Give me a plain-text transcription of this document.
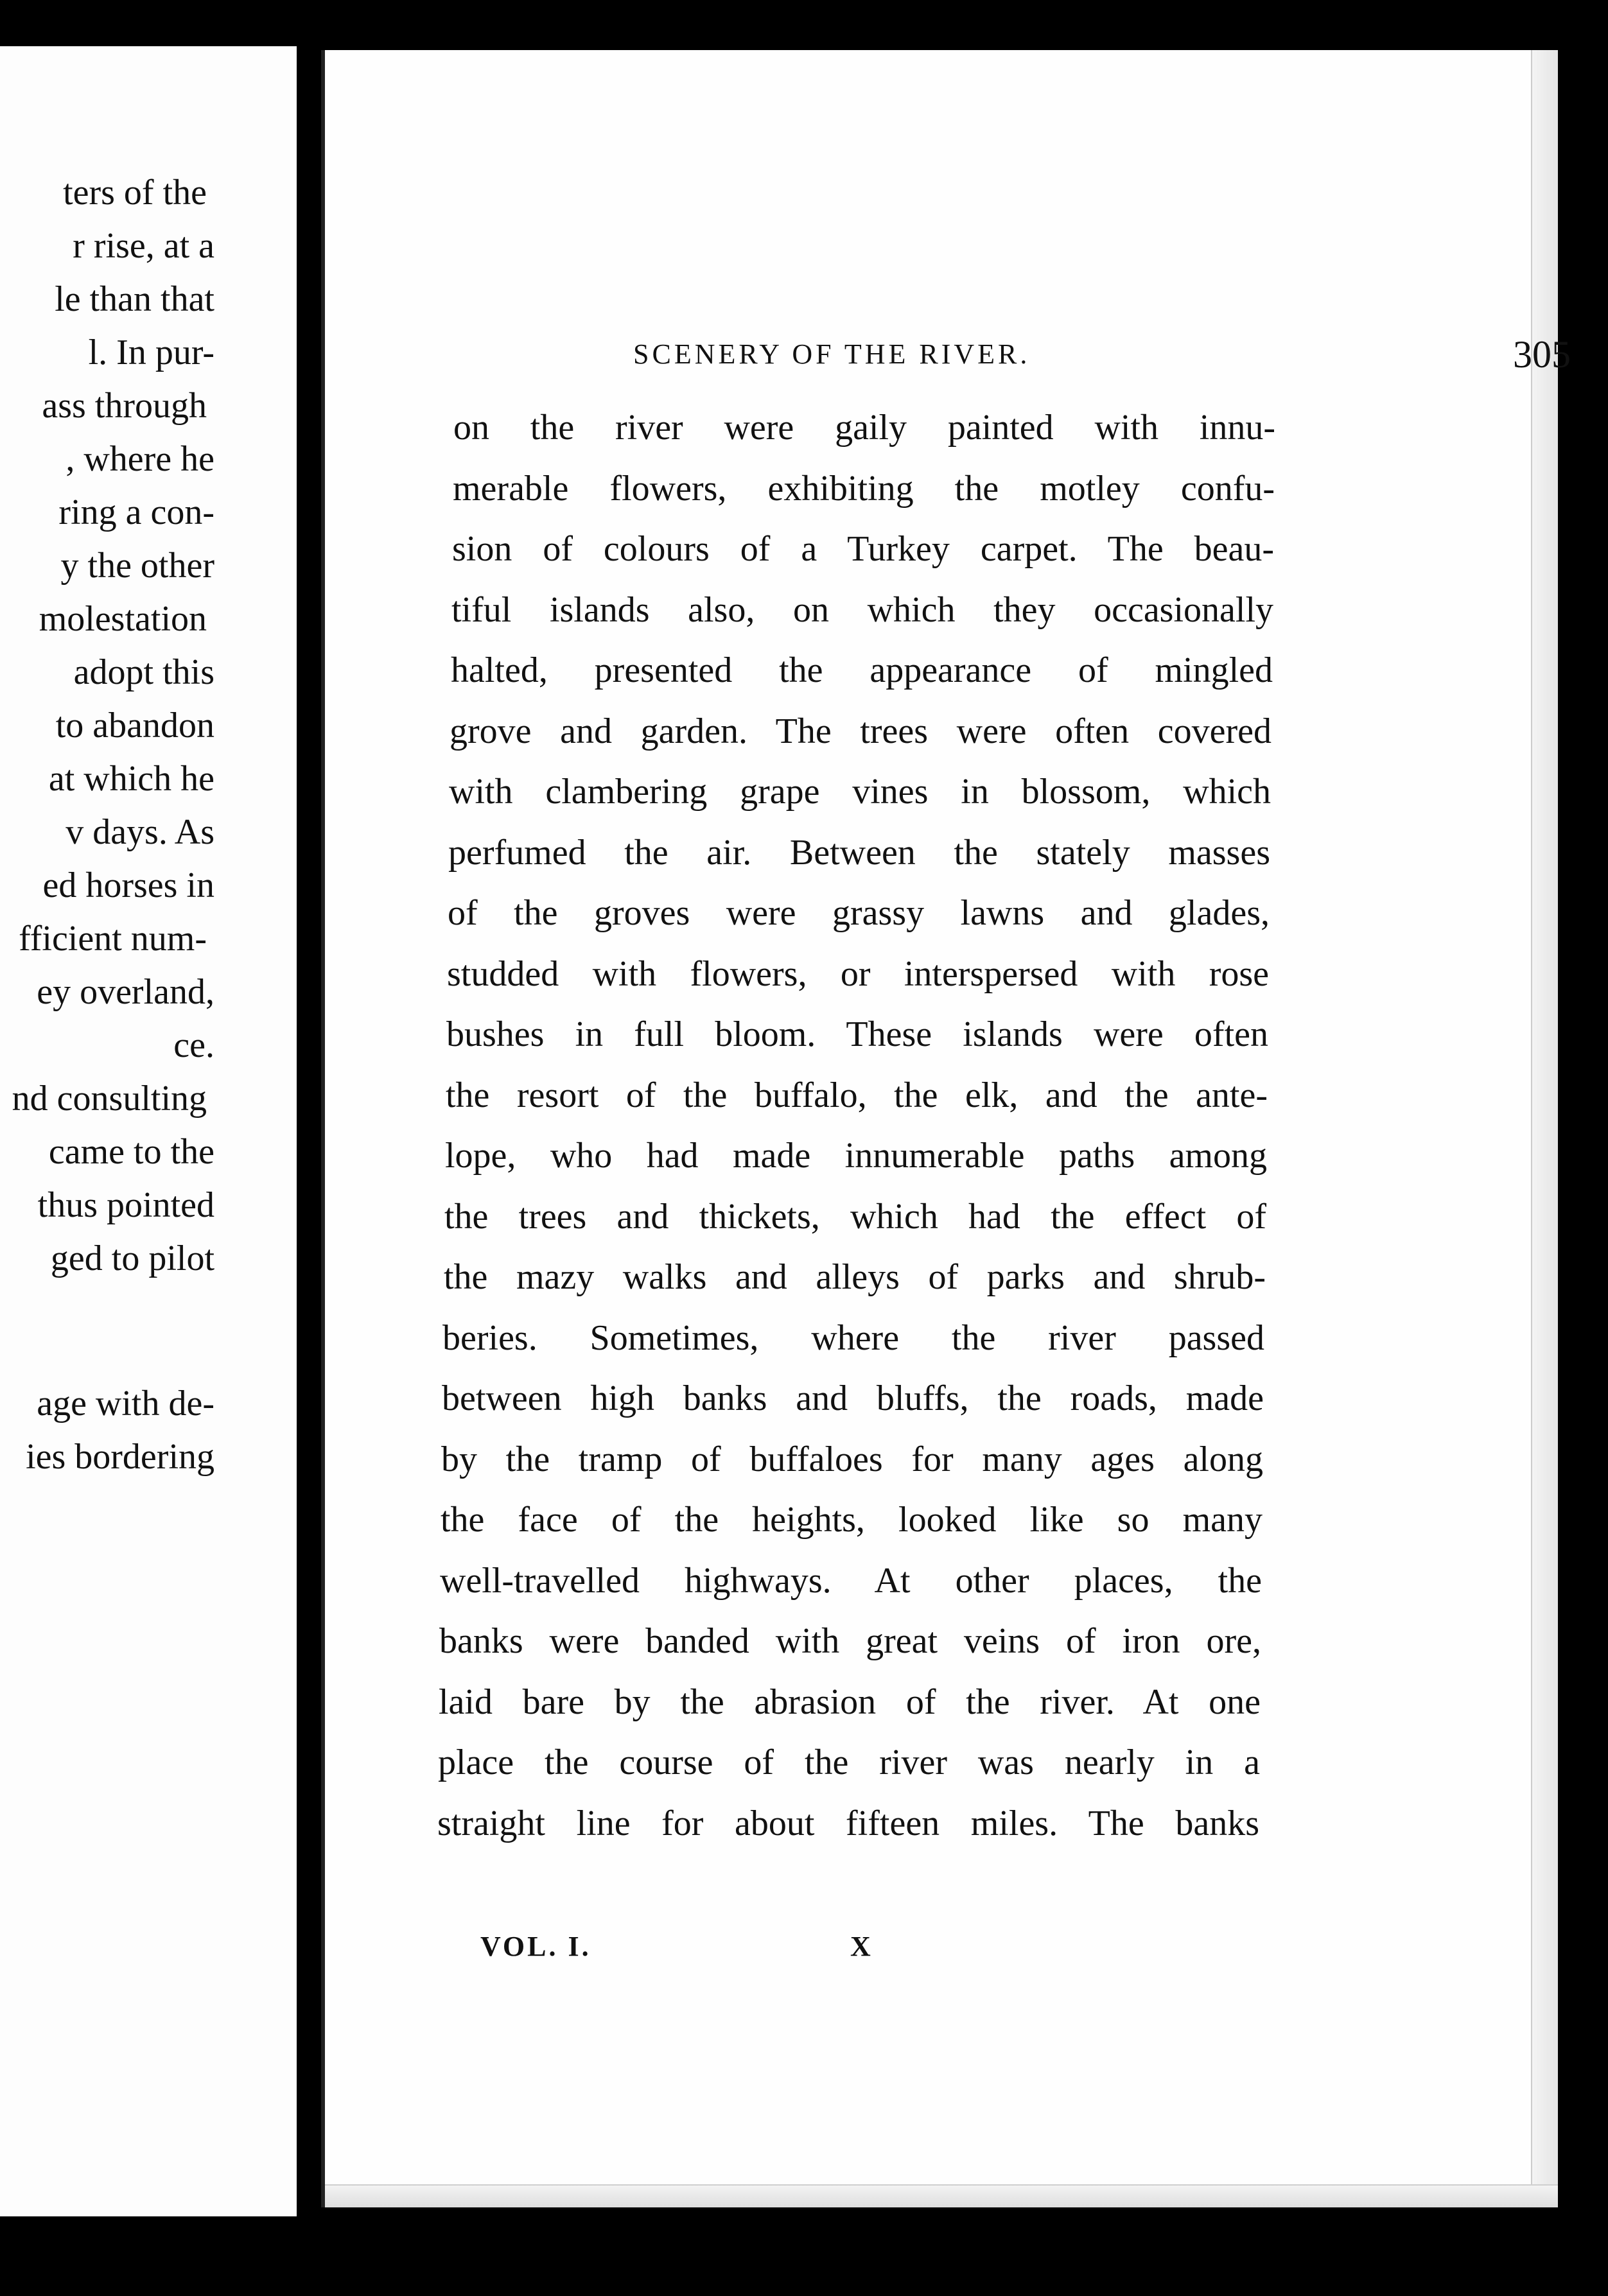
ters of the
r rise, at a
le than that
l. In pur-
ass through
, where he
ring a con-
y the other
molestation
adopt this
to abandon
at which he
v days. As
ed horses in
fficient num-
ey overland,
ce.
nd consulting
came to the
thus pointed
ged to pilot
age with de-
ies bordering
SCENERY OF THE RIVER.	305
on the river were gaily painted with innu-
merable flowers, exhibiting the motley confu-
sion of colours of a Turkey carpet. The beau-
tiful islands also, on which they occasionally
halted, presented the appearance of mingled
grove and garden. The trees were often covered
with clambering grape vines in blossom, which
perfumed the air. Between the stately masses
of the groves were grassy lawns and glades,
studded with flowers, or interspersed with rose
bushes in full bloom. These islands were often
the resort of the buffalo, the elk, and the ante-
lope, who had made innumerable paths among
the trees and thickets, which had the effect of
the mazy walks and alleys of parks and shrub-
beries. Sometimes, where the river passed
between high banks and bluffs, the roads, made
by the tramp of buffaloes for many ages along
the face of the heights, looked like so many
well-travelled highways. At other places, the
banks were banded with great veins of iron ore,
laid bare by the abrasion of the river. At one
place the course of the river was nearly in a
straight line for about fifteen miles. The banks
VOL. I.	X
